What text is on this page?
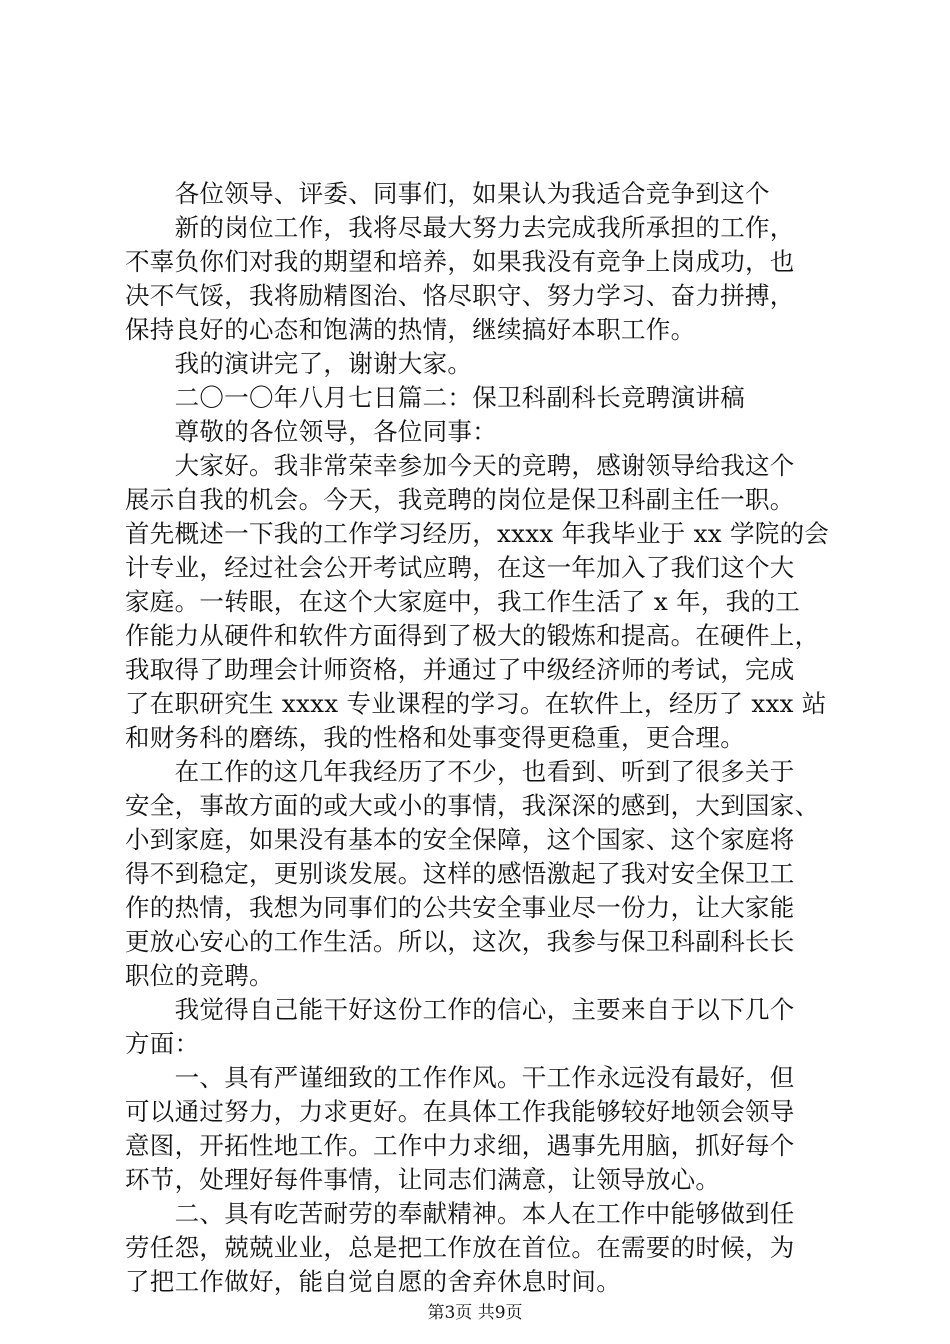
　　各位领导、评委、同事们，如果认为我适合竞争到这个
　　新的岗位工作，我将尽最大努力去完成我所承担的工作，
不辜负你们对我的期望和培养，如果我没有竞争上岗成功，也
决不气馁，我将励精图治、恪尽职守、努力学习、奋力拼搏，
保持良好的心态和饱满的热情，继续搞好本职工作。
　　我的演讲完了，谢谢大家。
　　二〇一〇年八月七日篇二：保卫科副科长竞聘演讲稿
　　尊敬的各位领导，各位同事：
　　大家好。我非常荣幸参加今天的竞聘，感谢领导给我这个
展示自我的机会。今天，我竞聘的岗位是保卫科副主任一职。
首先概述一下我的工作学习经历，xxxx 年我毕业于 xx 学院的会
计专业，经过社会公开考试应聘，在这一年加入了我们这个大
家庭。一转眼，在这个大家庭中，我工作生活了 x 年，我的工
作能力从硬件和软件方面得到了极大的锻炼和提高。在硬件上，
我取得了助理会计师资格，并通过了中级经济师的考试，完成
了在职研究生 xxxx 专业课程的学习。在软件上，经历了 xxx 站
和财务科的磨练，我的性格和处事变得更稳重，更合理。
　　在工作的这几年我经历了不少，也看到、听到了很多关于
安全，事故方面的或大或小的事情，我深深的感到，大到国家、
小到家庭，如果没有基本的安全保障，这个国家、这个家庭将
得不到稳定，更别谈发展。这样的感悟激起了我对安全保卫工
作的热情，我想为同事们的公共安全事业尽一份力，让大家能
更放心安心的工作生活。所以，这次，我参与保卫科副科长长
职位的竞聘。
　　我觉得自己能干好这份工作的信心，主要来自于以下几个
方面：
　　一、具有严谨细致的工作作风。干工作永远没有最好，但
可以通过努力，力求更好。在具体工作我能够较好地领会领导
意图，开拓性地工作。工作中力求细，遇事先用脑，抓好每个
环节，处理好每件事情，让同志们满意，让领导放心。
　　二、具有吃苦耐劳的奉献精神。本人在工作中能够做到任
劳任怨，兢兢业业，总是把工作放在首位。在需要的时候，为
了把工作做好，能自觉自愿的舍弃休息时间。
第3页 共9页
